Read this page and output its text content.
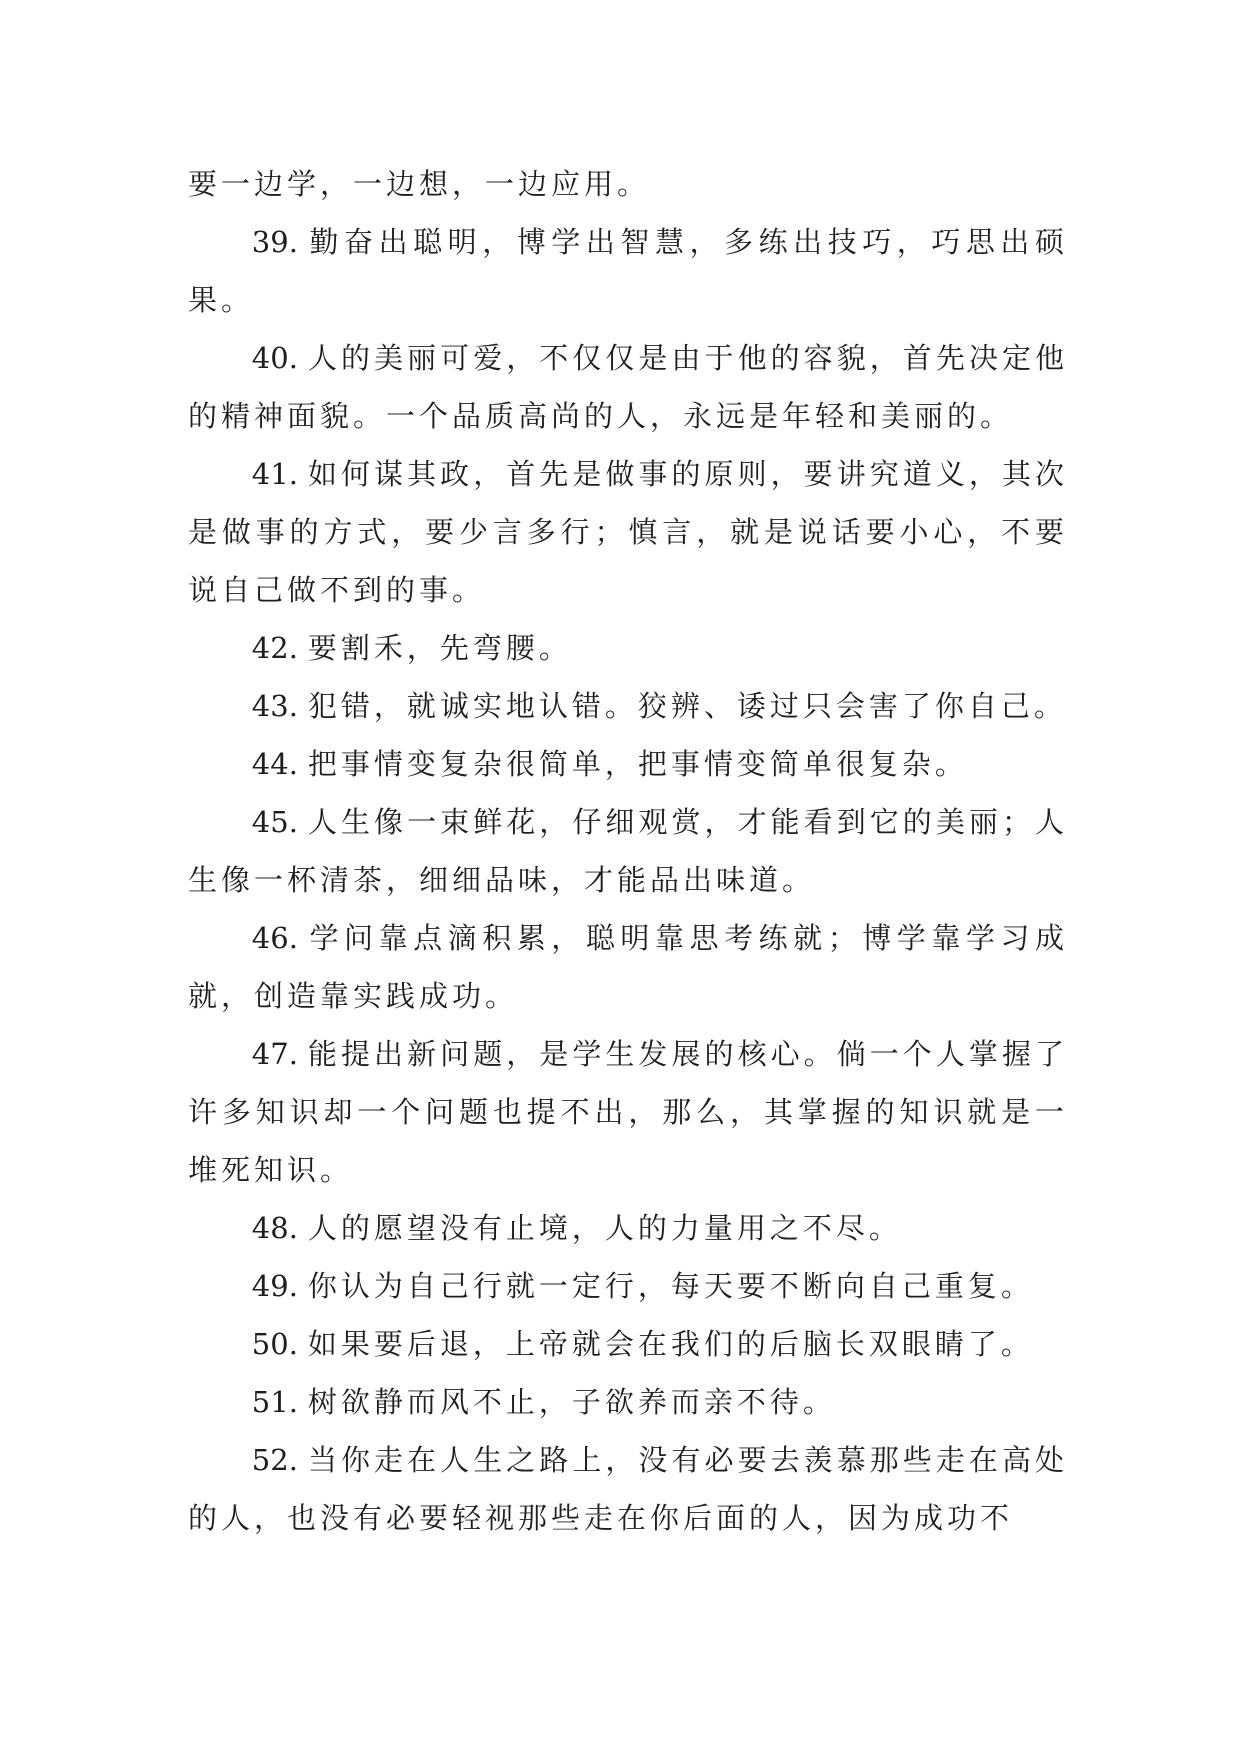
要一边学，一边想，一边应用。

39. 勤奋出聪明，博学出智慧，多练出技巧，巧思出硕果。

40. 人的美丽可爱，不仅仅是由于他的容貌，首先决定他的精神面貌。一个品质高尚的人，永远是年轻和美丽的。

41. 如何谋其政，首先是做事的原则，要讲究道义，其次是做事的方式，要少言多行；慎言，就是说话要小心，不要说自己做不到的事。

42. 要割禾，先弯腰。

43. 犯错，就诚实地认错。狡辨、诿过只会害了你自己。

44. 把事情变复杂很简单，把事情变简单很复杂。

45. 人生像一束鲜花，仔细观赏，才能看到它的美丽；人生像一杯清茶，细细品味，才能品出味道。

46. 学问靠点滴积累，聪明靠思考练就；博学靠学习成就，创造靠实践成功。

47. 能提出新问题，是学生发展的核心。倘一个人掌握了许多知识却一个问题也提不出，那么，其掌握的知识就是一堆死知识。

48. 人的愿望没有止境，人的力量用之不尽。

49. 你认为自己行就一定行，每天要不断向自己重复。

50. 如果要后退，上帝就会在我们的后脑长双眼睛了。

51. 树欲静而风不止，子欲养而亲不待。

52. 当你走在人生之路上，没有必要去羡慕那些走在高处的人，也没有必要轻视那些走在你后面的人，因为成功不
